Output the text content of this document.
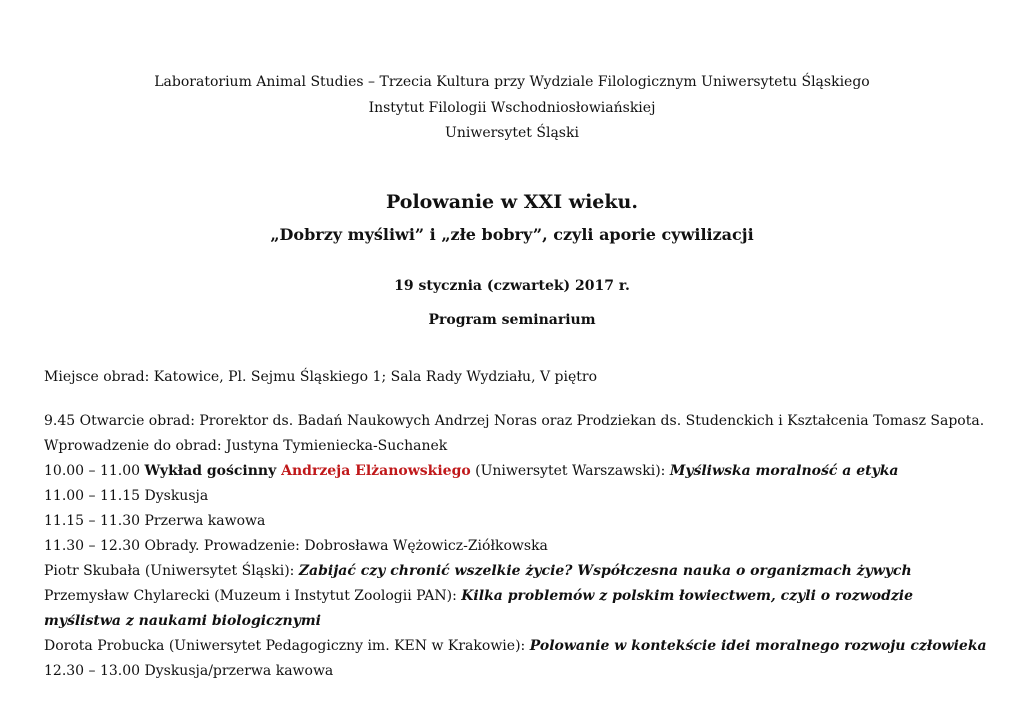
Laboratorium Animal Studies – Trzecia Kultura przy Wydziale Filologicznym Uniwersytetu Śląskiego
Instytut Filologii Wschodniosłowiańskiej
Uniwersytet Śląski
Polowanie w XXI wieku.
„Dobrzy myśliwi” i „złe bobry”, czyli aporie cywilizacji
19 stycznia (czwartek) 2017 r.
Program seminarium
Miejsce obrad: Katowice, Pl. Sejmu Śląskiego 1; Sala Rady Wydziału, V piętro
9.45 Otwarcie obrad: Prorektor ds. Badań Naukowych Andrzej Noras oraz Prodziekan ds. Studenckich i Kształcenia Tomasz Sapota.
Wprowadzenie do obrad: Justyna Tymieniecka-Suchanek
10.00 – 11.00 Wykład gościnny Andrzeja Elżanowskiego (Uniwersytet Warszawski): Myśliwska moralność a etyka
11.00 – 11.15 Dyskusja
11.15 – 11.30 Przerwa kawowa
11.30 – 12.30 Obrady. Prowadzenie: Dobrosława Wężowicz-Ziółkowska
Piotr Skubała (Uniwersytet Śląski): Zabijać czy chronić wszelkie życie? Współczesna nauka o organizmach żywych
Przemysław Chylarecki (Muzeum i Instytut Zoologii PAN): Kilka problemów z polskim łowiectwem, czyli o rozwodzie myślistwa z naukami biologicznymi
Dorota Probucka (Uniwersytet Pedagogiczny im. KEN w Krakowie): Polowanie w kontekście idei moralnego rozwoju człowieka
12.30 – 13.00 Dyskusja/przerwa kawowa
